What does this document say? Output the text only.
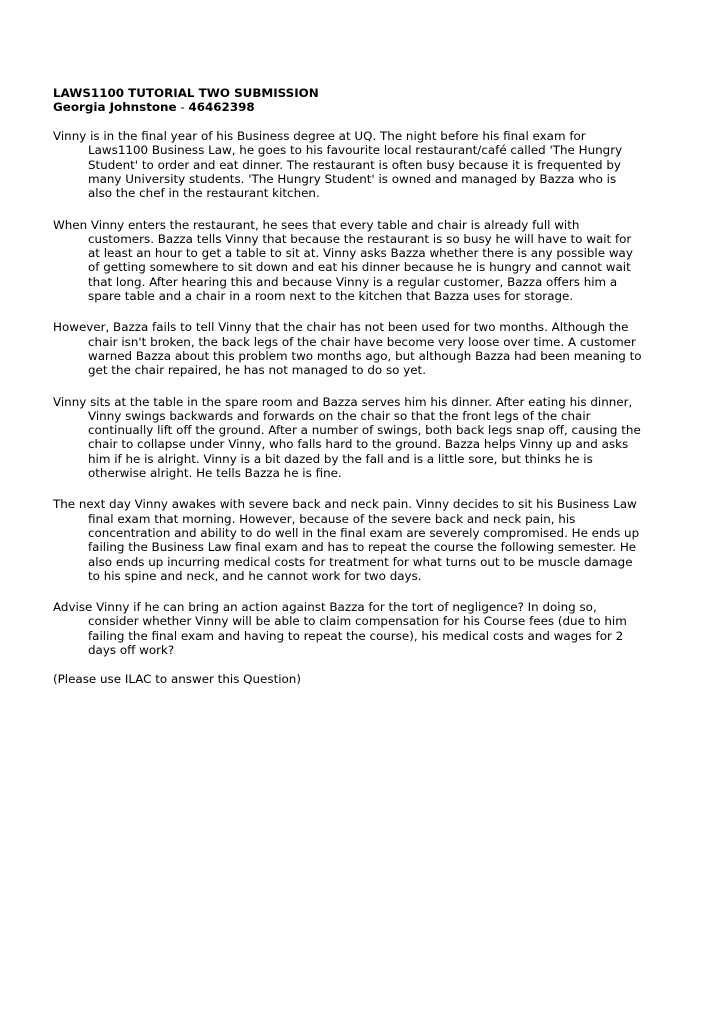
LAWS1100 TUTORIAL TWO SUBMISSION
Georgia Johnstone - 46462398

Vinny is in the final year of his Business degree at UQ. The night before his final exam for Laws1100 Business Law, he goes to his favourite local restaurant/café called 'The Hungry Student' to order and eat dinner. The restaurant is often busy because it is frequented by many University students. 'The Hungry Student' is owned and managed by Bazza who is also the chef in the restaurant kitchen.

When Vinny enters the restaurant, he sees that every table and chair is already full with customers. Bazza tells Vinny that because the restaurant is so busy he will have to wait for at least an hour to get a table to sit at. Vinny asks Bazza whether there is any possible way of getting somewhere to sit down and eat his dinner because he is hungry and cannot wait that long. After hearing this and because Vinny is a regular customer, Bazza offers him a spare table and a chair in a room next to the kitchen that Bazza uses for storage.

However, Bazza fails to tell Vinny that the chair has not been used for two months. Although the chair isn't broken, the back legs of the chair have become very loose over time. A customer warned Bazza about this problem two months ago, but although Bazza had been meaning to get the chair repaired, he has not managed to do so yet.

Vinny sits at the table in the spare room and Bazza serves him his dinner. After eating his dinner, Vinny swings backwards and forwards on the chair so that the front legs of the chair continually lift off the ground. After a number of swings, both back legs snap off, causing the chair to collapse under Vinny, who falls hard to the ground. Bazza helps Vinny up and asks him if he is alright. Vinny is a bit dazed by the fall and is a little sore, but thinks he is otherwise alright. He tells Bazza he is fine.

The next day Vinny awakes with severe back and neck pain. Vinny decides to sit his Business Law final exam that morning. However, because of the severe back and neck pain, his concentration and ability to do well in the final exam are severely compromised. He ends up failing the Business Law final exam and has to repeat the course the following semester. He also ends up incurring medical costs for treatment for what turns out to be muscle damage to his spine and neck, and he cannot work for two days.

Advise Vinny if he can bring an action against Bazza for the tort of negligence? In doing so, consider whether Vinny will be able to claim compensation for his Course fees (due to him failing the final exam and having to repeat the course), his medical costs and wages for 2 days off work?

(Please use ILAC to answer this Question)
